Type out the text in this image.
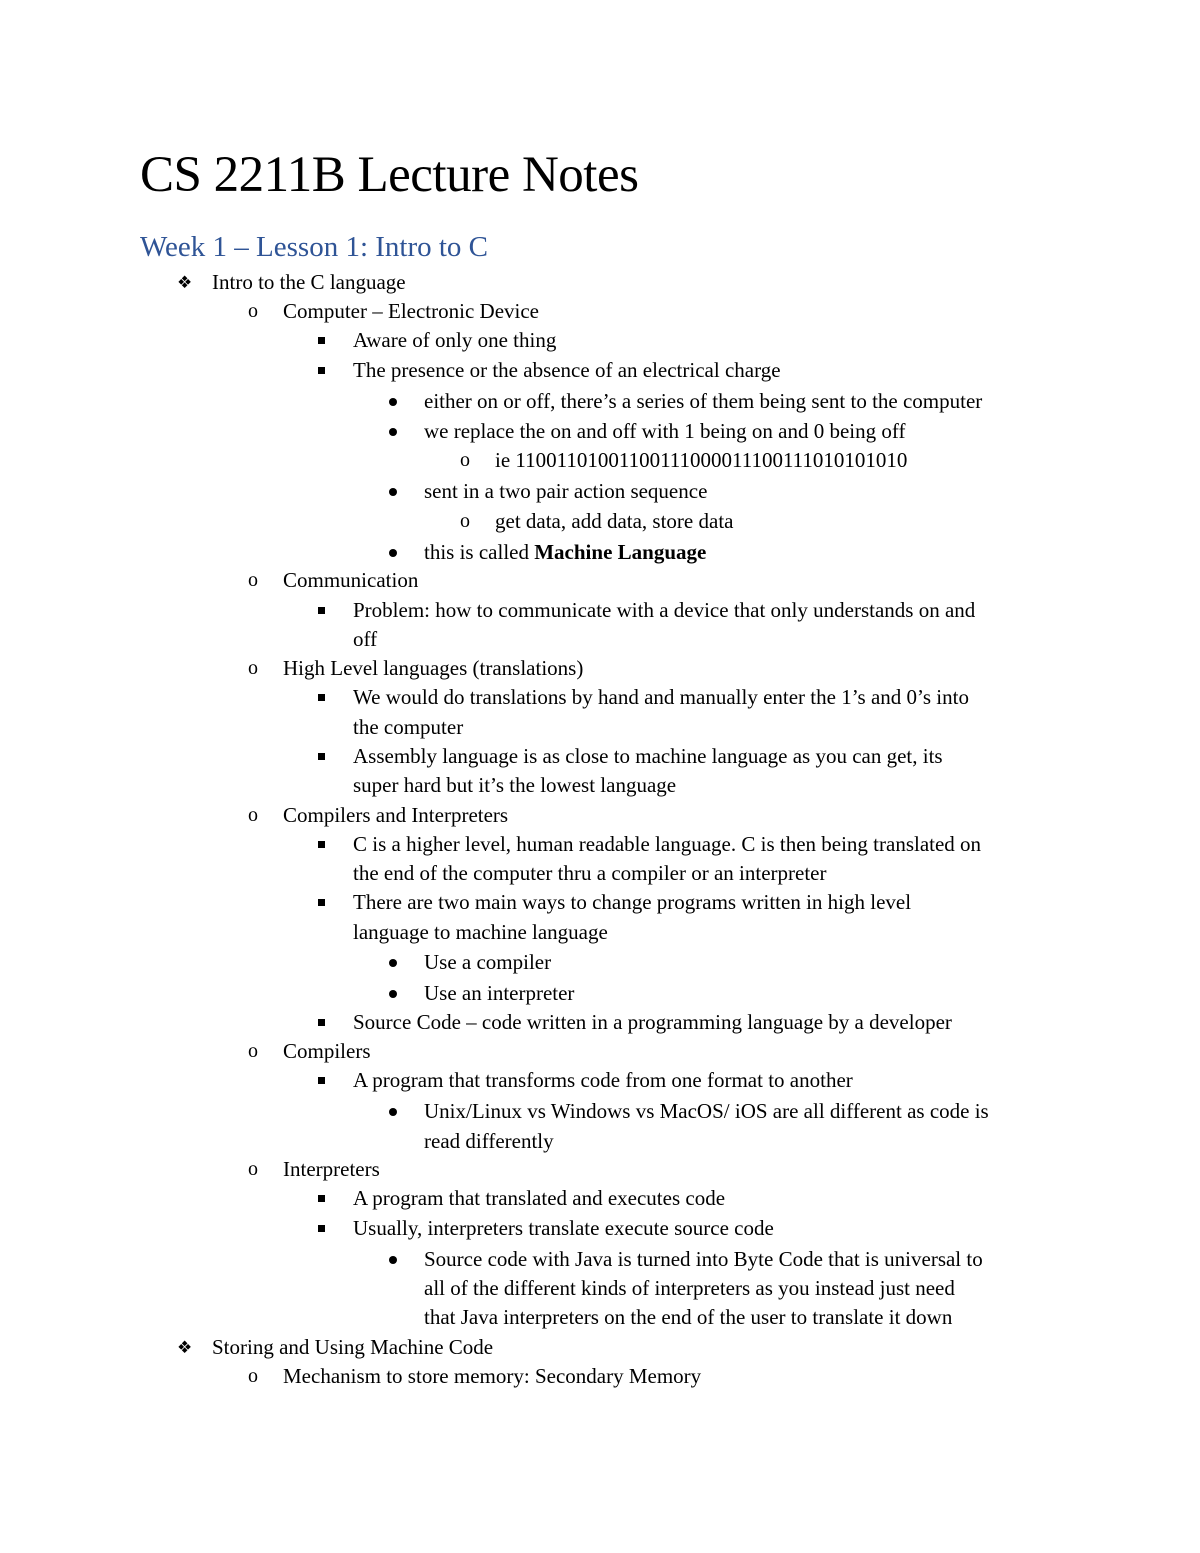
CS 2211B Lecture Notes
Week 1 – Lesson 1: Intro to C
❖ Intro to the C language
o Computer – Electronic Device
Aware of only one thing
The presence or the absence of an electrical charge
either on or off, there’s a series of them being sent to the computer
we replace the on and off with 1 being on and 0 being off
o ie 11001101001100111000011100111010101010
sent in a two pair action sequence
o get data, add data, store data
this is called Machine Language
o Communication
Problem: how to communicate with a device that only understands on and
off
o High Level languages (translations)
We would do translations by hand and manually enter the 1’s and 0’s into
the computer
Assembly language is as close to machine language as you can get, its
super hard but it’s the lowest language
o Compilers and Interpreters
C is a higher level, human readable language. C is then being translated on
the end of the computer thru a compiler or an interpreter
There are two main ways to change programs written in high level
language to machine language
Use a compiler
Use an interpreter
Source Code – code written in a programming language by a developer
o Compilers
A program that transforms code from one format to another
Unix/Linux vs Windows vs MacOS/ iOS are all different as code is
read differently
o Interpreters
A program that translated and executes code
Usually, interpreters translate execute source code
Source code with Java is turned into Byte Code that is universal to
all of the different kinds of interpreters as you instead just need
that Java interpreters on the end of the user to translate it down
❖ Storing and Using Machine Code
o Mechanism to store memory: Secondary Memory
